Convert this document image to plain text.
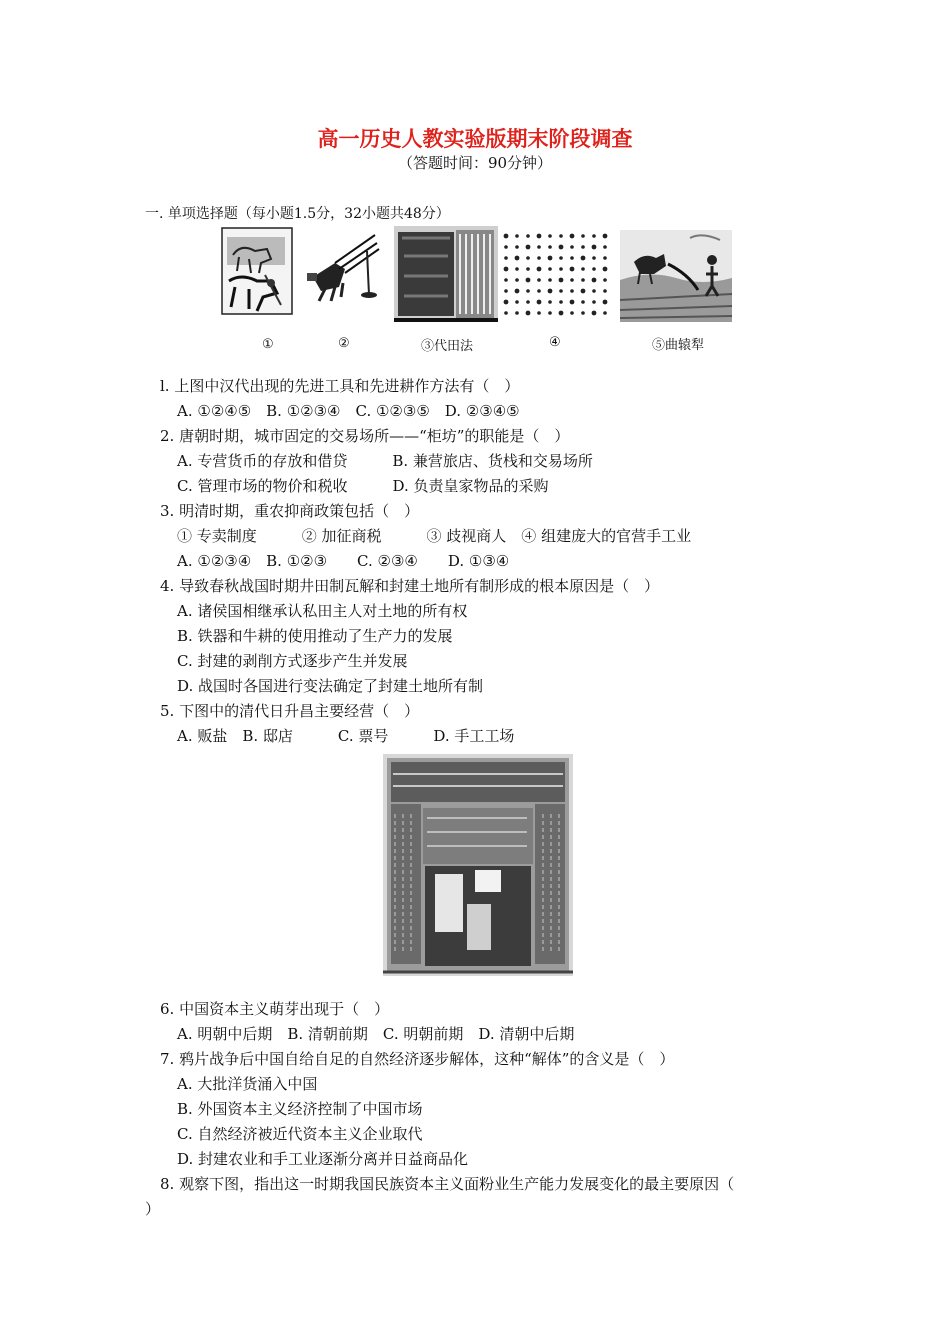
高一历史人教实验版期末阶段调查
（答题时间：90分钟）
一. 单项选择题（每小题1.5分，32小题共48分）
①	②	③代田法	④	⑤曲辕犁
l. 上图中汉代出现的先进工具和先进耕作方法有（　）
A. ①②④⑤　B. ①②③④　C. ①②③⑤　D. ②③④⑤
2. 唐朝时期，城市固定的交易场所——“柜坊”的职能是（　）
A. 专营货币的存放和借贷　　　B. 兼营旅店、货栈和交易场所
C. 管理市场的物价和税收　　　D. 负责皇家物品的采购
3. 明清时期，重农抑商政策包括（　）
① 专卖制度　　　② 加征商税　　　③ 歧视商人　④ 组建庞大的官营手工业
A. ①②③④　B. ①②③　　C. ②③④　　D. ①③④
4. 导致春秋战国时期井田制瓦解和封建土地所有制形成的根本原因是（　）
A. 诸侯国相继承认私田主人对土地的所有权
B. 铁器和牛耕的使用推动了生产力的发展
C. 封建的剥削方式逐步产生并发展
D. 战国时各国进行变法确定了封建土地所有制
5. 下图中的清代日升昌主要经营（　）
A. 贩盐　B. 邸店　　　C. 票号　　　D. 手工工场
6. 中国资本主义萌芽出现于（　）
A. 明朝中后期　B. 清朝前期　C. 明朝前期　D. 清朝中后期
7. 鸦片战争后中国自给自足的自然经济逐步解体，这种“解体”的含义是（　）
A. 大批洋货涌入中国
B. 外国资本主义经济控制了中国市场
C. 自然经济被近代资本主义企业取代
D. 封建农业和手工业逐渐分离并日益商品化
8. 观察下图，指出这一时期我国民族资本主义面粉业生产能力发展变化的最主要原因（
）
